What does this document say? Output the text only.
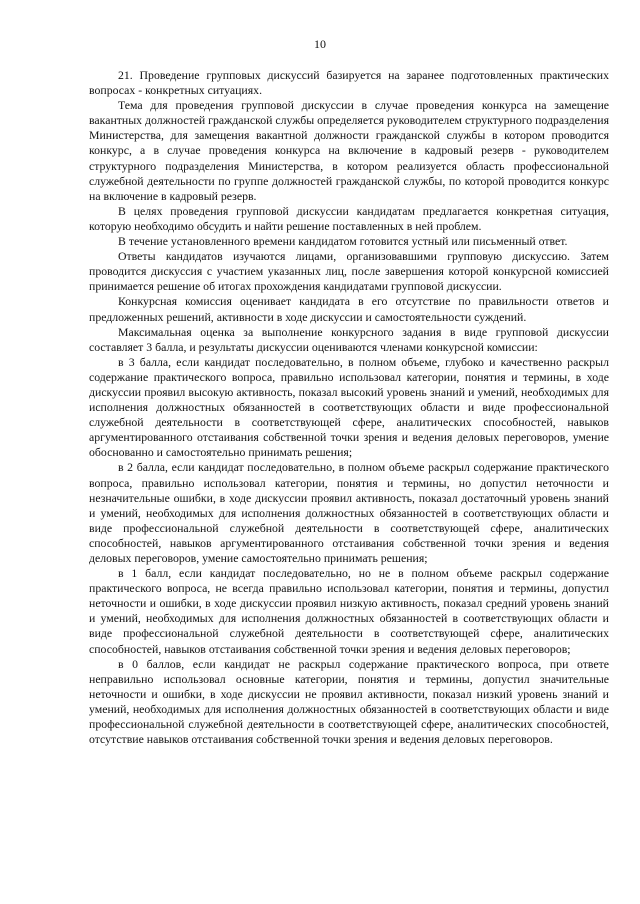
10

21. Проведение групповых дискуссий базируется на заранее подготовленных практических вопросах - конкретных ситуациях.

Тема для проведения групповой дискуссии в случае проведения конкурса на замещение вакантных должностей гражданской службы определяется руководителем структурного подразделения Министерства, для замещения вакантной должности гражданской службы в котором проводится конкурс, а в случае проведения конкурса на включение в кадровый резерв - руководителем структурного подразделения Министерства, в котором реализуется область профессиональной служебной деятельности по группе должностей гражданской службы, по которой проводится конкурс на включение в кадровый резерв.

В целях проведения групповой дискуссии кандидатам предлагается конкретная ситуация, которую необходимо обсудить и найти решение поставленных в ней проблем.

В течение установленного времени кандидатом готовится устный или письменный ответ.

Ответы кандидатов изучаются лицами, организовавшими групповую дискуссию. Затем проводится дискуссия с участием указанных лиц, после завершения которой конкурсной комиссией принимается решение об итогах прохождения кандидатами групповой дискуссии.

Конкурсная комиссия оценивает кандидата в его отсутствие по правильности ответов и предложенных решений, активности в ходе дискуссии и самостоятельности суждений.

Максимальная оценка за выполнение конкурсного задания в виде групповой дискуссии составляет 3 балла, и результаты дискуссии оцениваются членами конкурсной комиссии:

в 3 балла, если кандидат последовательно, в полном объеме, глубоко и качественно раскрыл содержание практического вопроса, правильно использовал категории, понятия и термины, в ходе дискуссии проявил высокую активность, показал высокий уровень знаний и умений, необходимых для исполнения должностных обязанностей в соответствующих области и виде профессиональной служебной деятельности в соответствующей сфере, аналитических способностей, навыков аргументированного отстаивания собственной точки зрения и ведения деловых переговоров, умение обоснованно и самостоятельно принимать решения;

в 2 балла, если кандидат последовательно, в полном объеме раскрыл содержание практического вопроса, правильно использовал категории, понятия и термины, но допустил неточности и незначительные ошибки, в ходе дискуссии проявил активность, показал достаточный уровень знаний и умений, необходимых для исполнения должностных обязанностей в соответствующих области и виде профессиональной служебной деятельности в соответствующей сфере, аналитических способностей, навыков аргументированного отстаивания собственной точки зрения и ведения деловых переговоров, умение самостоятельно принимать решения;

в 1 балл, если кандидат последовательно, но не в полном объеме раскрыл содержание практического вопроса, не всегда правильно использовал категории, понятия и термины, допустил неточности и ошибки, в ходе дискуссии проявил низкую активность, показал средний уровень знаний и умений, необходимых для исполнения должностных обязанностей в соответствующих области и виде профессиональной служебной деятельности в соответствующей сфере, аналитических способностей, навыков отстаивания собственной точки зрения и ведения деловых переговоров;

в 0 баллов, если кандидат не раскрыл содержание практического вопроса, при ответе неправильно использовал основные категории, понятия и термины, допустил значительные неточности и ошибки, в ходе дискуссии не проявил активности, показал низкий уровень знаний и умений, необходимых для исполнения должностных обязанностей в соответствующих области и виде профессиональной служебной деятельности в соответствующей сфере, аналитических способностей, отсутствие навыков отстаивания собственной точки зрения и ведения деловых переговоров.
